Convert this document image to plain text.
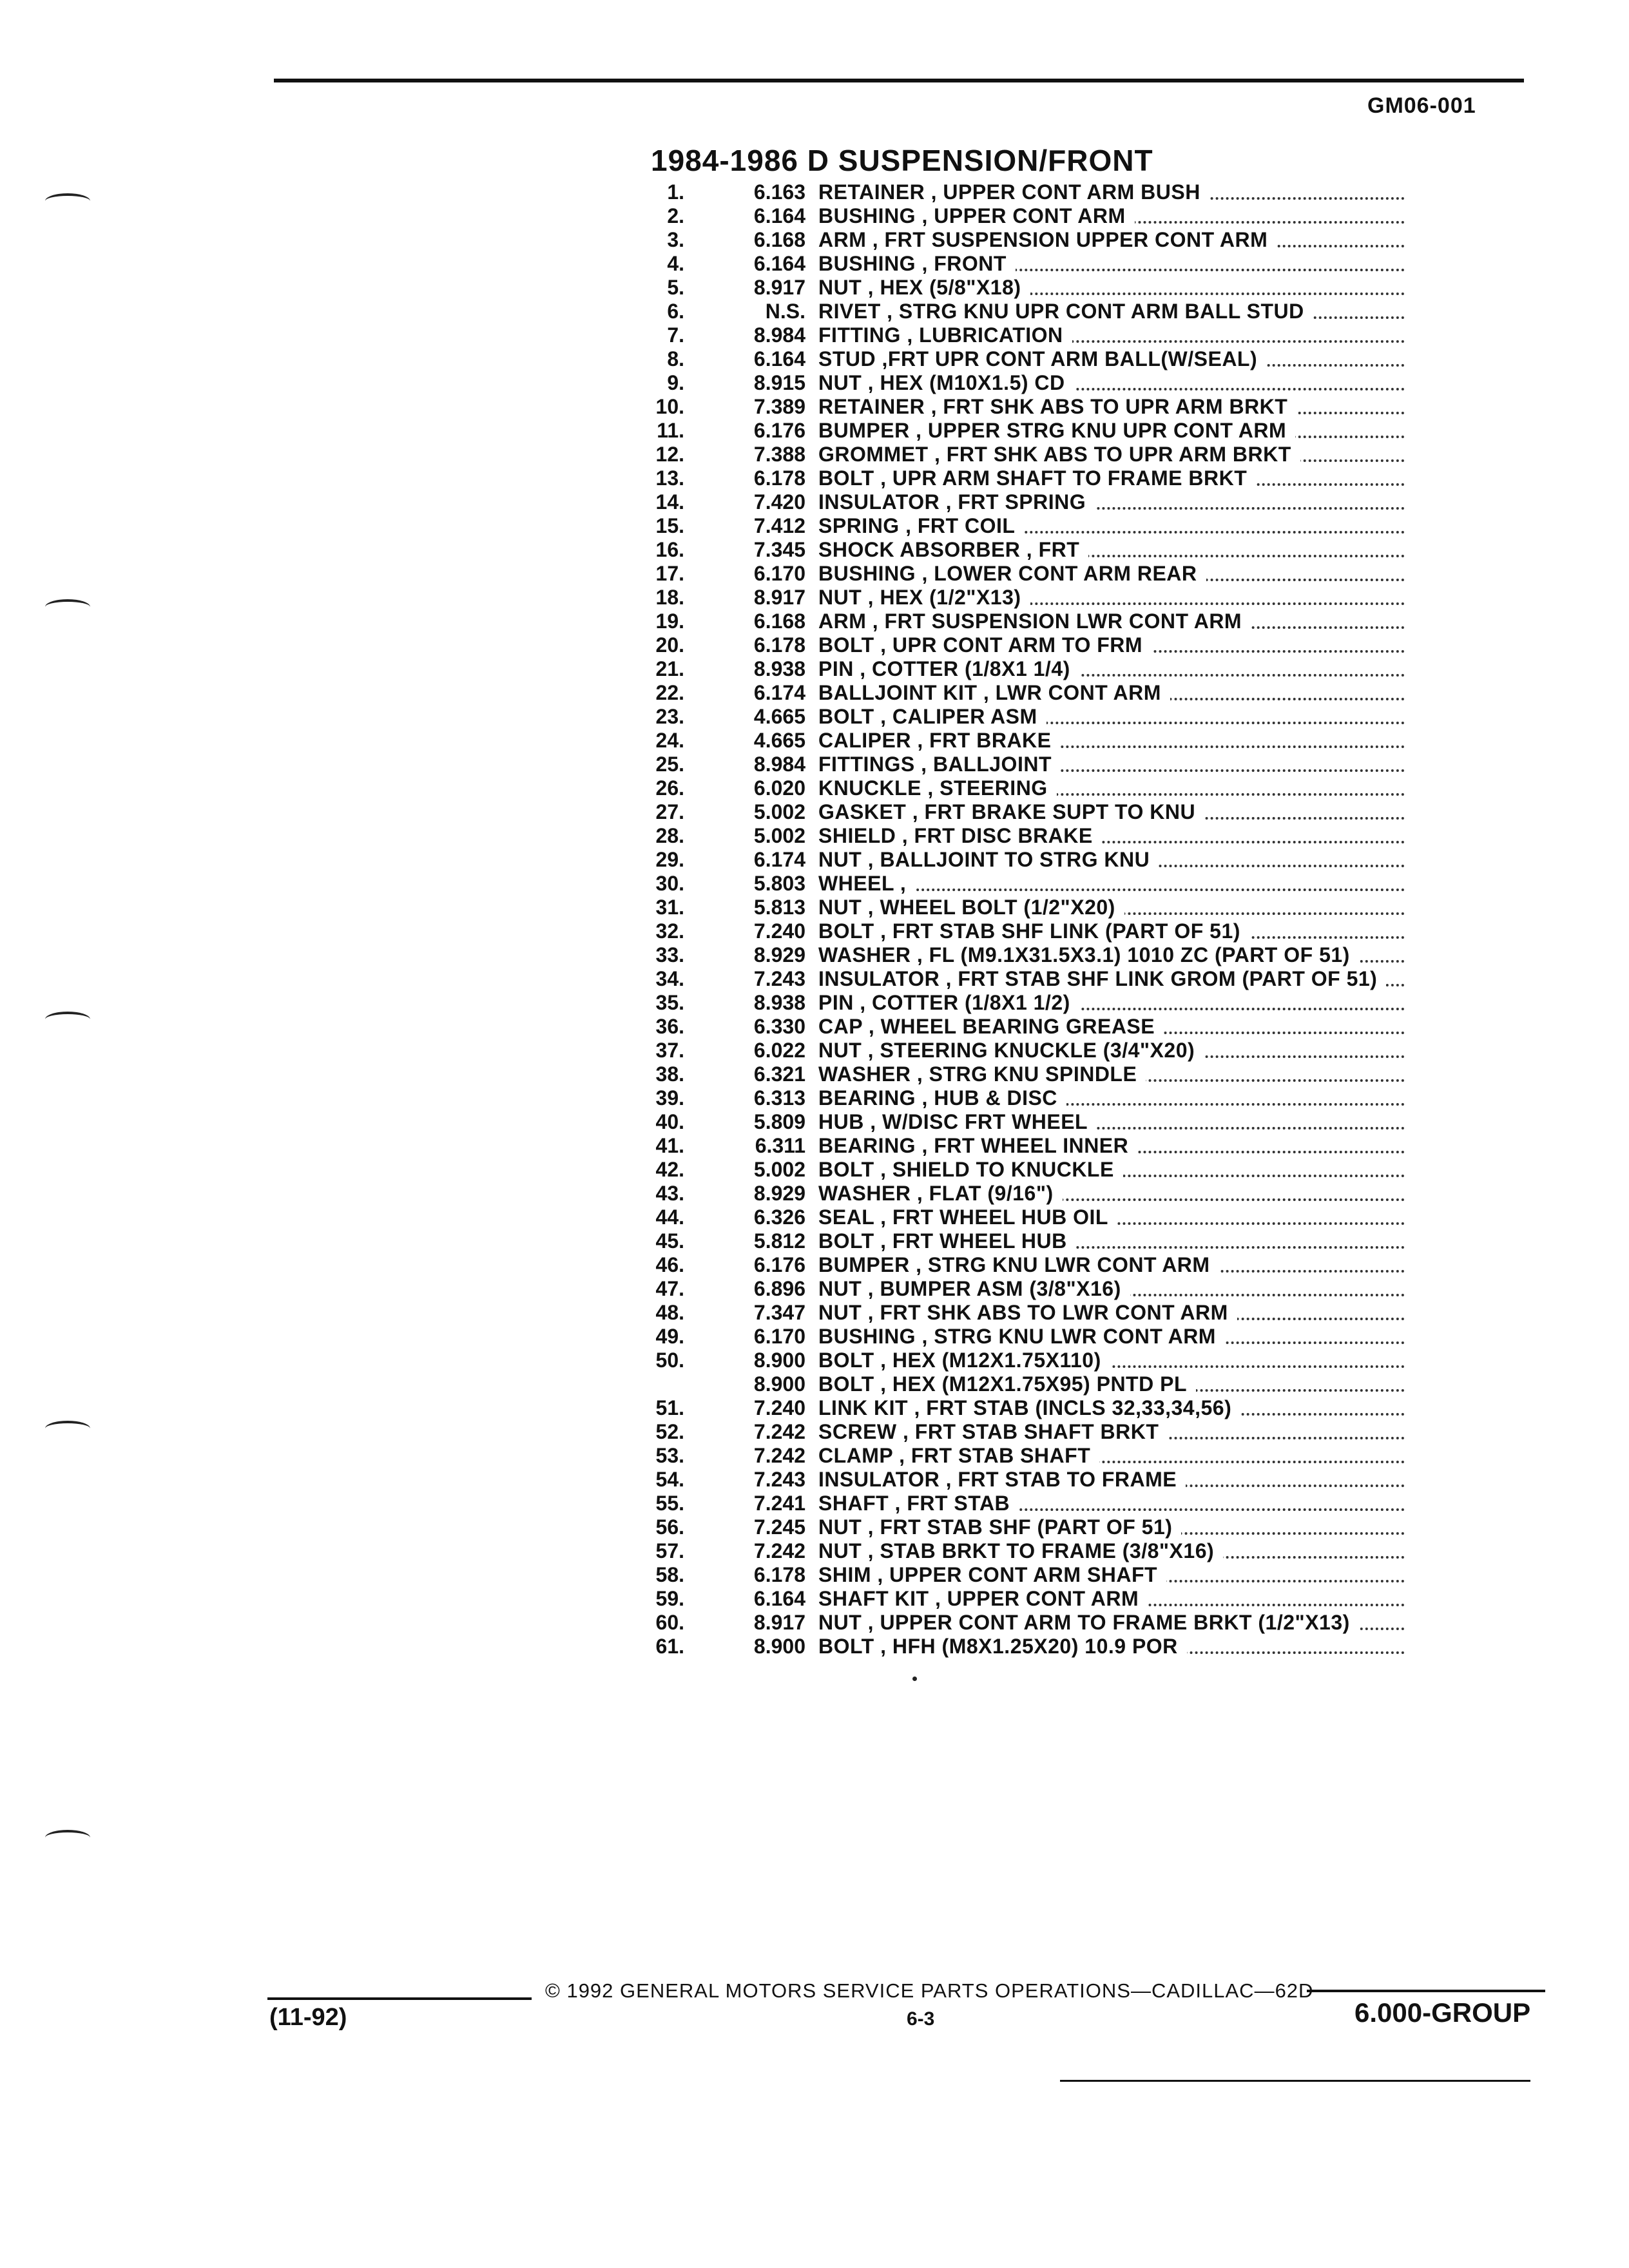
GM06-001
1984-1986 D SUSPENSION/FRONT
1.	6.163 RETAINER , UPPER CONT ARM BUSH
2.	6.164 BUSHING , UPPER CONT ARM
3.	6.168 ARM , FRT SUSPENSION UPPER CONT ARM
4.	6.164 BUSHING , FRONT
5.	8.917 NUT , HEX (5/8"X18)
6.	N.S. RIVET , STRG KNU UPR CONT ARM BALL STUD
7.	8.984 FITTING , LUBRICATION
8.	6.164 STUD ,FRT UPR CONT ARM BALL(W/SEAL)
9.	8.915 NUT , HEX (M10X1.5) CD
10.	7.389 RETAINER , FRT SHK ABS TO UPR ARM BRKT
11.	6.176 BUMPER , UPPER STRG KNU UPR CONT ARM
12.	7.388 GROMMET , FRT SHK ABS TO UPR ARM BRKT
13.	6.178 BOLT , UPR ARM SHAFT TO FRAME BRKT
14.	7.420 INSULATOR , FRT SPRING
15.	7.412 SPRING , FRT COIL
16.	7.345 SHOCK ABSORBER , FRT
17.	6.170 BUSHING , LOWER CONT ARM REAR
18.	8.917 NUT , HEX (1/2"X13)
19.	6.168 ARM , FRT SUSPENSION LWR CONT ARM
20.	6.178 BOLT , UPR CONT ARM TO FRM
21.	8.938 PIN , COTTER (1/8X1 1/4)
22.	6.174 BALLJOINT KIT , LWR CONT ARM
23.	4.665 BOLT , CALIPER ASM
24.	4.665 CALIPER , FRT BRAKE
25.	8.984 FITTINGS , BALLJOINT
26.	6.020 KNUCKLE , STEERING
27.	5.002 GASKET , FRT BRAKE SUPT TO KNU
28.	5.002 SHIELD , FRT DISC BRAKE
29.	6.174 NUT , BALLJOINT TO STRG KNU
30.	5.803 WHEEL ,
31.	5.813 NUT , WHEEL BOLT (1/2"X20)
32.	7.240 BOLT , FRT STAB SHF LINK (PART OF 51)
33.	8.929 WASHER , FL (M9.1X31.5X3.1) 1010 ZC (PART OF 51)
34.	7.243 INSULATOR , FRT STAB SHF LINK GROM (PART OF 51)
35.	8.938 PIN , COTTER (1/8X1 1/2)
36.	6.330 CAP , WHEEL BEARING GREASE
37.	6.022 NUT , STEERING KNUCKLE (3/4"X20)
38.	6.321 WASHER , STRG KNU SPINDLE
39.	6.313 BEARING , HUB & DISC
40.	5.809 HUB , W/DISC FRT WHEEL
41.	6.311 BEARING , FRT WHEEL INNER
42.	5.002 BOLT , SHIELD TO KNUCKLE
43.	8.929 WASHER , FLAT (9/16")
44.	6.326 SEAL , FRT WHEEL HUB OIL
45.	5.812 BOLT , FRT WHEEL HUB
46.	6.176 BUMPER , STRG KNU LWR CONT ARM
47.	6.896 NUT , BUMPER ASM (3/8"X16)
48.	7.347 NUT , FRT SHK ABS TO LWR CONT ARM
49.	6.170 BUSHING , STRG KNU LWR CONT ARM
50.	8.900 BOLT , HEX (M12X1.75X110)
8.900 BOLT , HEX (M12X1.75X95) PNTD PL
51.	7.240 LINK KIT , FRT STAB (INCLS 32,33,34,56)
52.	7.242 SCREW , FRT STAB SHAFT BRKT
53.	7.242 CLAMP , FRT STAB SHAFT
54.	7.243 INSULATOR , FRT STAB TO FRAME
55.	7.241 SHAFT , FRT STAB
56.	7.245 NUT , FRT STAB SHF (PART OF 51)
57.	7.242 NUT , STAB BRKT TO FRAME (3/8"X16)
58.	6.178 SHIM , UPPER CONT ARM SHAFT
59.	6.164 SHAFT KIT , UPPER CONT ARM
60.	8.917 NUT , UPPER CONT ARM TO FRAME BRKT (1/2"X13)
61.	8.900 BOLT , HFH (M8X1.25X20) 10.9 POR
© 1992 GENERAL MOTORS SERVICE PARTS OPERATIONS—CADILLAC—62D
6-3
(11-92)	6.000-GROUP
